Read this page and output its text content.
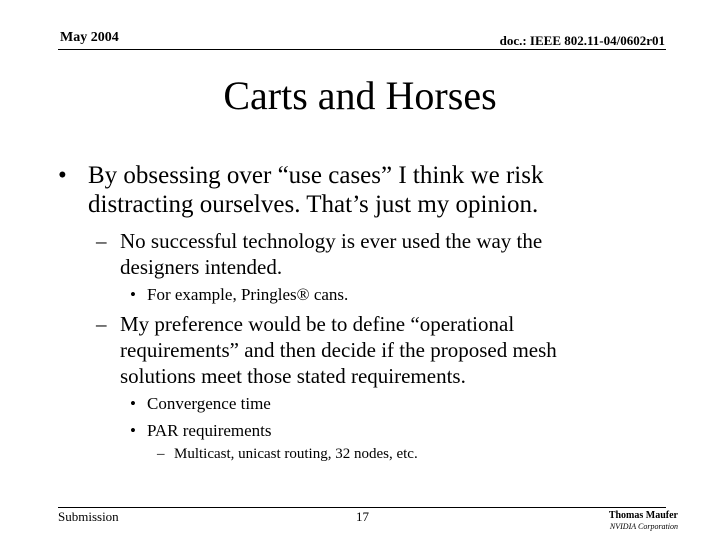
May 2004	doc.: IEEE 802.11-04/0602r01
Carts and Horses
• By obsessing over “use cases” I think we risk
distracting ourselves. That’s just my opinion.
– No successful technology is ever used the way the
designers intended.
• For example, Pringles® cans.
– My preference would be to define “operational
requirements” and then decide if the proposed mesh
solutions meet those stated requirements.
• Convergence time
• PAR requirements
– Multicast, unicast routing, 32 nodes, etc.
Submission	17	Thomas Maufer
NVIDIA Corporation
